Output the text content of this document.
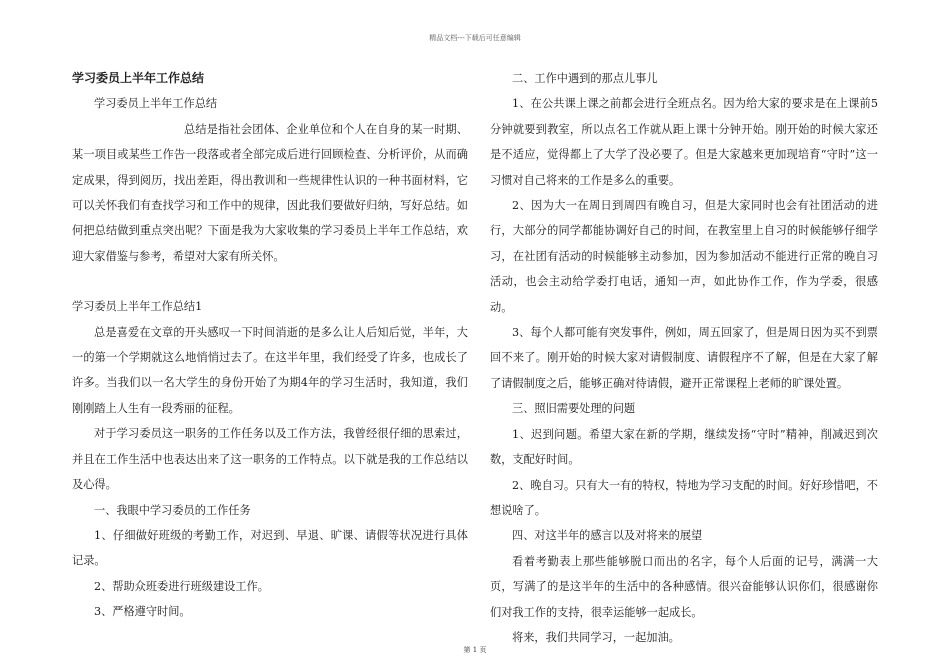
精品文档---下载后可任意编辑

学习委员上半年工作总结

学习委员上半年工作总结

总结是指社会团体、企业单位和个人在自身的某一时期、某一项目或某些工作告一段落或者全部完成后进行回顾检查、分析评价，从而确定成果，得到阅历，找出差距，得出教训和一些规律性认识的一种书面材料，它可以关怀我们有查找学习和工作中的规律，因此我们要做好归纳，写好总结。如何把总结做到重点突出呢？下面是我为大家收集的学习委员上半年工作总结，欢迎大家借鉴与参考，希望对大家有所关怀。

学习委员上半年工作总结1

总是喜爱在文章的开头感叹一下时间消逝的是多么让人后知后觉，半年，大一的第一个学期就这么地悄悄过去了。在这半年里，我们经受了许多，也成长了许多。当我们以一名大学生的身份开始了为期4年的学习生活时，我知道，我们刚刚踏上人生有一段秀丽的征程。

对于学习委员这一职务的工作任务以及工作方法，我曾经很仔细的思索过，并且在工作生活中也表达出来了这一职务的工作特点。以下就是我的工作总结以及心得。

一、我眼中学习委员的工作任务

1、仔细做好班级的考勤工作，对迟到、早退、旷课、请假等状况进行具体记录。

2、帮助众班委进行班级建设工作。

3、严格遵守时间。

二、工作中遇到的那点儿事儿

1、在公共课上课之前都会进行全班点名。因为给大家的要求是在上课前5分钟就要到教室，所以点名工作就从距上课十分钟开始。刚开始的时候大家还是不适应，觉得都上了大学了没必要了。但是大家越来更加现培育“守时”这一习惯对自己将来的工作是多么的重要。

2、因为大一在周日到周四有晚自习，但是大家同时也会有社团活动的进行，大部分的同学都能协调好自己的时间，在教室里上自习的时候能够仔细学习，在社团有活动的时候能够主动参加，因为参加活动不能进行正常的晚自习活动，也会主动给学委打电话，通知一声，如此协作工作，作为学委，很感动。

3、每个人都可能有突发事件，例如，周五回家了，但是周日因为买不到票回不来了。刚开始的时候大家对请假制度、请假程序不了解，但是在大家了解了请假制度之后，能够正确对待请假，避开正常课程上老师的旷课处置。

三、照旧需要处理的问题

1、迟到问题。希望大家在新的学期，继续发扬“守时”精神，削减迟到次数，支配好时间。

2、晚自习。只有大一有的特权，特地为学习支配的时间。好好珍惜吧，不想说啥了。

四、对这半年的感言以及对将来的展望

看着考勤表上那些能够脱口而出的名字，每个人后面的记号，满满一大页，写满了的是这半年的生活中的各种感情。很兴奋能够认识你们，很感谢你们对我工作的支持，很幸运能够一起成长。

将来，我们共同学习，一起加油。

第 1 页
